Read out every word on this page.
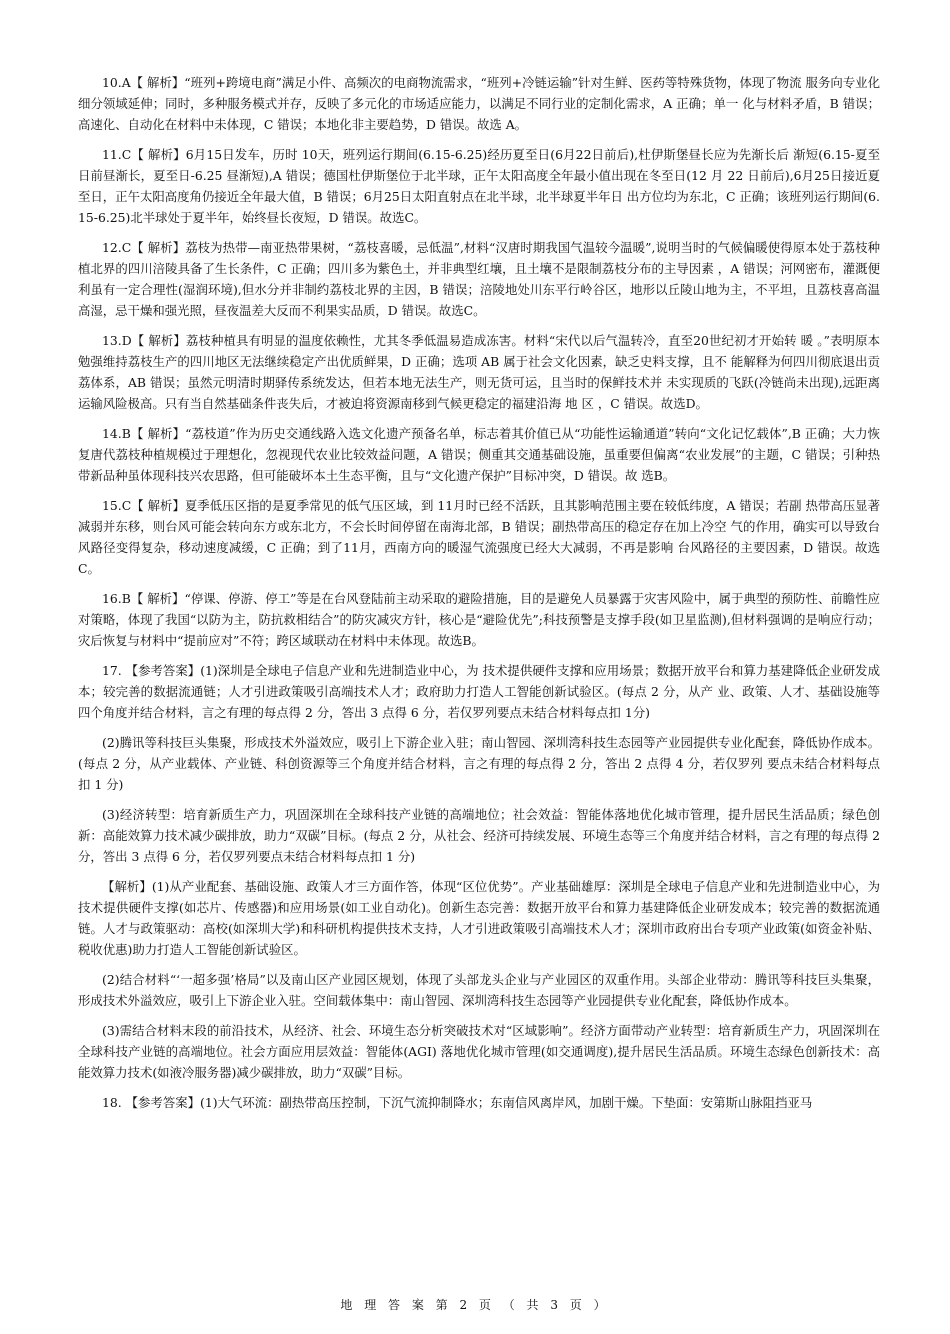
10.A【 解析】“班列+跨境电商”满足小件、高频次的电商物流需求，“班列+冷链运输”针对生鲜、医药等特殊货物，体现了物流 服务向专业化细分领域延伸；同时，多种服务模式并存，反映了多元化的市场适应能力，以满足不同行业的定制化需求，A 正确；单一 化与材料矛盾，B 错误；高速化、自动化在材料中未体现，C 错误；本地化非主要趋势，D 错误。故选 A。

11.C【 解析】6月15日发车，历时 10天，班列运行期间(6.15-6.25)经历夏至日(6月22日前后),杜伊斯堡昼长应为先渐长后 渐短(6.15-夏至日前昼渐长，夏至日-6.25 昼渐短),A 错误；德国杜伊斯堡位于北半球，正午太阳高度全年最小值出现在冬至日(12 月 22 日前后),6月25日接近夏至日，正午太阳高度角仍接近全年最大值，B 错误；6月25日太阳直射点在北半球，北半球夏半年日 出方位均为东北，C 正确；该班列运行期间(6.15-6.25)北半球处于夏半年，始终昼长夜短，D 错误。故选C。

12.C【 解析】荔枝为热带—南亚热带果树，“荔枝喜暖，忌低温”,材料“汉唐时期我国气温较今温暖”,说明当时的气候偏暖使得原本处于荔枝种植北界的四川涪陵具备了生长条件，C 正确；四川多为紫色土，并非典型红壤，且土壤不是限制荔枝分布的主导因素 ，A 错误；河网密布，灌溉便利虽有一定合理性(湿润环境),但水分并非制约荔枝北界的主因，B 错误；涪陵地处川东平行岭谷区，地形以丘陵山地为主，不平坦，且荔枝喜高温高湿，忌干燥和强光照，昼夜温差大反而不利果实品质，D 错误。故选C。

13.D【 解析】荔枝种植具有明显的温度依赖性，尤其冬季低温易造成冻害。材料“宋代以后气温转冷，直至20世纪初才开始转 暖 。”表明原本勉强维持荔枝生产的四川地区无法继续稳定产出优质鲜果，D 正确；选项 AB 属于社会文化因素，缺乏史料支撑，且不 能解释为何四川彻底退出贡荔体系，AB 错误；虽然元明清时期驿传系统发达，但若本地无法生产，则无货可运，且当时的保鲜技术并 未实现质的飞跃(冷链尚未出现),远距离运输风险极高。只有当自然基础条件丧失后，才被迫将资源南移到气候更稳定的福建沿海 地 区 ，C 错误。故选D。

14.B【 解析】“荔枝道”作为历史交通线路入选文化遗产预备名单，标志着其价值已从“功能性运输通道”转向“文化记忆载体”,B 正确；大力恢复唐代荔枝种植规模过于理想化，忽视现代农业比较效益问题，A 错误；侧重其交通基础设施，虽重要但偏离“农业发展”的主题，C 错误；引种热带新品种虽体现科技兴农思路，但可能破坏本土生态平衡，且与“文化遗产保护”目标冲突，D 错误。故 选B。

15.C【 解析】夏季低压区指的是夏季常见的低气压区域，到 11月时已经不活跃，且其影响范围主要在较低纬度，A 错误；若副 热带高压显著减弱并东移，则台风可能会转向东方或东北方，不会长时间停留在南海北部，B 错误；副热带高压的稳定存在加上冷空 气的作用，确实可以导致台风路径变得复杂，移动速度减缓，C 正确；到了11月，西南方向的暖湿气流强度已经大大减弱，不再是影响 台风路径的主要因素，D 错误。故选C。

16.B【 解析】“停课、停游、停工”等是在台风登陆前主动采取的避险措施，目的是避免人员暴露于灾害风险中，属于典型的预防性、前瞻性应对策略，体现了我国“以防为主，防抗救相结合”的防灾减灾方针，核心是“避险优先”;科技预警是支撑手段(如卫星监测),但材料强调的是响应行动；灾后恢复与材料中“提前应对”不符；跨区域联动在材料中未体现。故选B。

17. 【参考答案】(1)深圳是全球电子信息产业和先进制造业中心，为 技术提供硬件支撑和应用场景；数据开放平台和算力基建降低企业研发成本；较完善的数据流通链；人才引进政策吸引高端技术人才；政府助力打造人工智能创新试验区。(每点 2 分，从产 业、政策、人才、基础设施等四个角度并结合材料，言之有理的每点得 2 分，答出 3 点得 6 分，若仅罗列要点未结合材料每点扣 1分)

(2)腾讯等科技巨头集聚，形成技术外溢效应，吸引上下游企业入驻；南山智园、深圳湾科技生态园等产业园提供专业化配套，降低协作成本。(每点 2 分，从产业载体、产业链、科创资源等三个角度并结合材料，言之有理的每点得 2 分，答出 2 点得 4 分，若仅罗列 要点未结合材料每点扣 1 分)

(3)经济转型：培育新质生产力，巩固深圳在全球科技产业链的高端地位；社会效益：智能体落地优化城市管理，提升居民生活品质；绿色创新：高能效算力技术减少碳排放，助力“双碳”目标。(每点 2 分，从社会、经济可持续发展、环境生态等三个角度并结合材料，言之有理的每点得 2 分，答出 3 点得 6 分，若仅罗列要点未结合材料每点扣 1 分)

【解析】(1)从产业配套、基础设施、政策人才三方面作答，体现“区位优势”。产业基础雄厚：深圳是全球电子信息产业和先进制造业中心，为 技术提供硬件支撑(如芯片、传感器)和应用场景(如工业自动化)。创新生态完善：数据开放平台和算力基建降低企业研发成本；较完善的数据流通链。人才与政策驱动：高校(如深圳大学)和科研机构提供技术支持，人才引进政策吸引高端技术人才；深圳市政府出台专项产业政策(如资金补贴、税收优惠)助力打造人工智能创新试验区。

(2)结合材料“‘一超多强’格局”以及南山区产业园区规划，体现了头部龙头企业与产业园区的双重作用。头部企业带动：腾讯等科技巨头集聚，形成技术外溢效应，吸引上下游企业入驻。空间载体集中：南山智园、深圳湾科技生态园等产业园提供专业化配套，降低协作成本。

(3)需结合材料末段的前沿技术，从经济、社会、环境生态分析突破技术对“区域影响”。经济方面带动产业转型：培育新质生产力，巩固深圳在全球科技产业链的高端地位。社会方面应用层效益：智能体(AGI) 落地优化城市管理(如交通调度),提升居民生活品质。环境生态绿色创新技术：高能效算力技术(如液冷服务器)减少碳排放，助力“双碳”目标。

18. 【参考答案】(1)大气环流：副热带高压控制，下沉气流抑制降水；东南信风离岸风，加剧干燥。下垫面：安第斯山脉阻挡亚马

地 理 答 案 第 2 页 （ 共 3 页 ）
